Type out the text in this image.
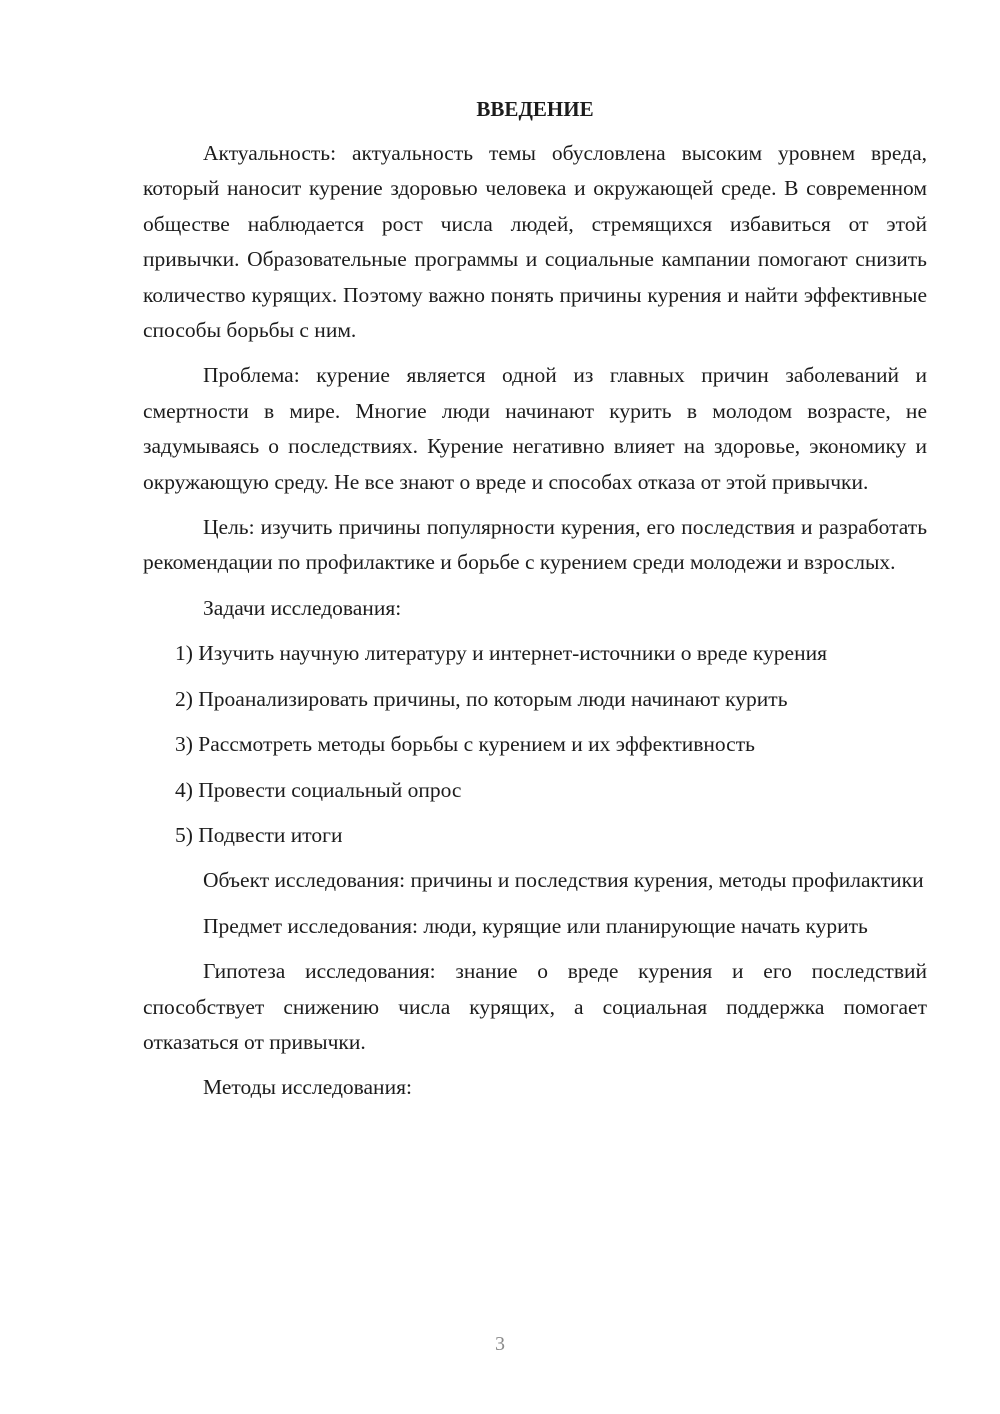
ВВЕДЕНИЕ

Актуальность: актуальность темы обусловлена высоким уровнем вреда, который наносит курение здоровью человека и окружающей среде. В современном обществе наблюдается рост числа людей, стремящихся избавиться от этой привычки. Образовательные программы и социальные кампании помогают снизить количество курящих. Поэтому важно понять причины курения и найти эффективные способы борьбы с ним.

Проблема: курение является одной из главных причин заболеваний и смертности в мире. Многие люди начинают курить в молодом возрасте, не задумываясь о последствиях. Курение негативно влияет на здоровье, экономику и окружающую среду. Не все знают о вреде и способах отказа от этой привычки.

Цель: изучить причины популярности курения, его последствия и разработать рекомендации по профилактике и борьбе с курением среди молодежи и взрослых.

Задачи исследования:

1) Изучить научную литературу и интернет-источники о вреде курения
2) Проанализировать причины, по которым люди начинают курить
3) Рассмотреть методы борьбы с курением и их эффективность
4) Провести социальный опрос
5) Подвести итоги

Объект исследования: причины и последствия курения, методы профилактики

Предмет исследования: люди, курящие или планирующие начать курить

Гипотеза исследования: знание о вреде курения и его последствий способствует снижению числа курящих, а социальная поддержка помогает отказаться от привычки.

Методы исследования:

3
